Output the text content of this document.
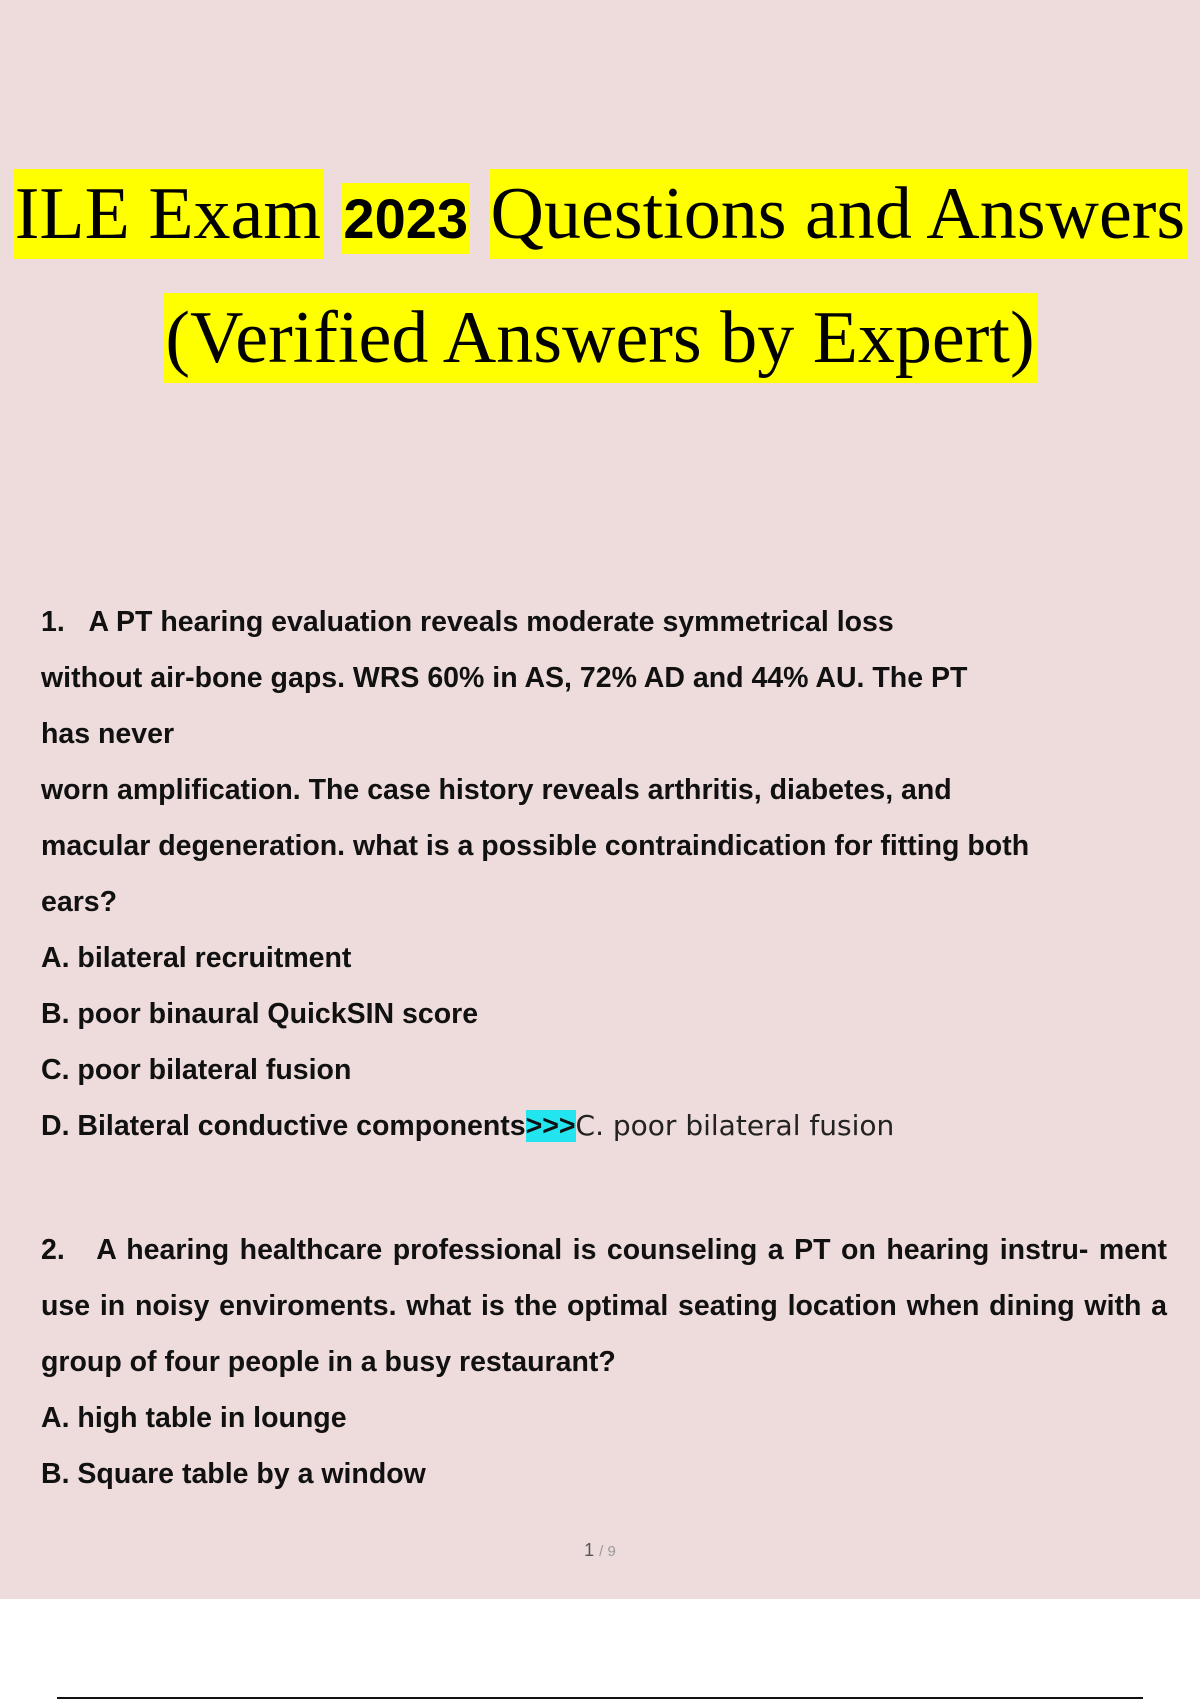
ILE Exam 2023 Questions and Answers
(Verified Answers by Expert)

1. A PT hearing evaluation reveals moderate symmetrical loss

without air-bone gaps. WRS 60% in AS, 72% AD and 44% AU. The PT

has never

worn amplification. The case history reveals arthritis, diabetes, and

macular degeneration. what is a possible contraindication for fitting both

ears?

A. bilateral recruitment

B. poor binaural QuickSIN score

C. poor bilateral fusion

D. Bilateral conductive components>>>C. poor bilateral fusion

2. A hearing healthcare professional is counseling a PT on hearing instru- ment use in noisy enviroments. what is the optimal seating location when dining with a group of four people in a busy restaurant?

A. high table in lounge

B. Square table by a window

1 / 9
